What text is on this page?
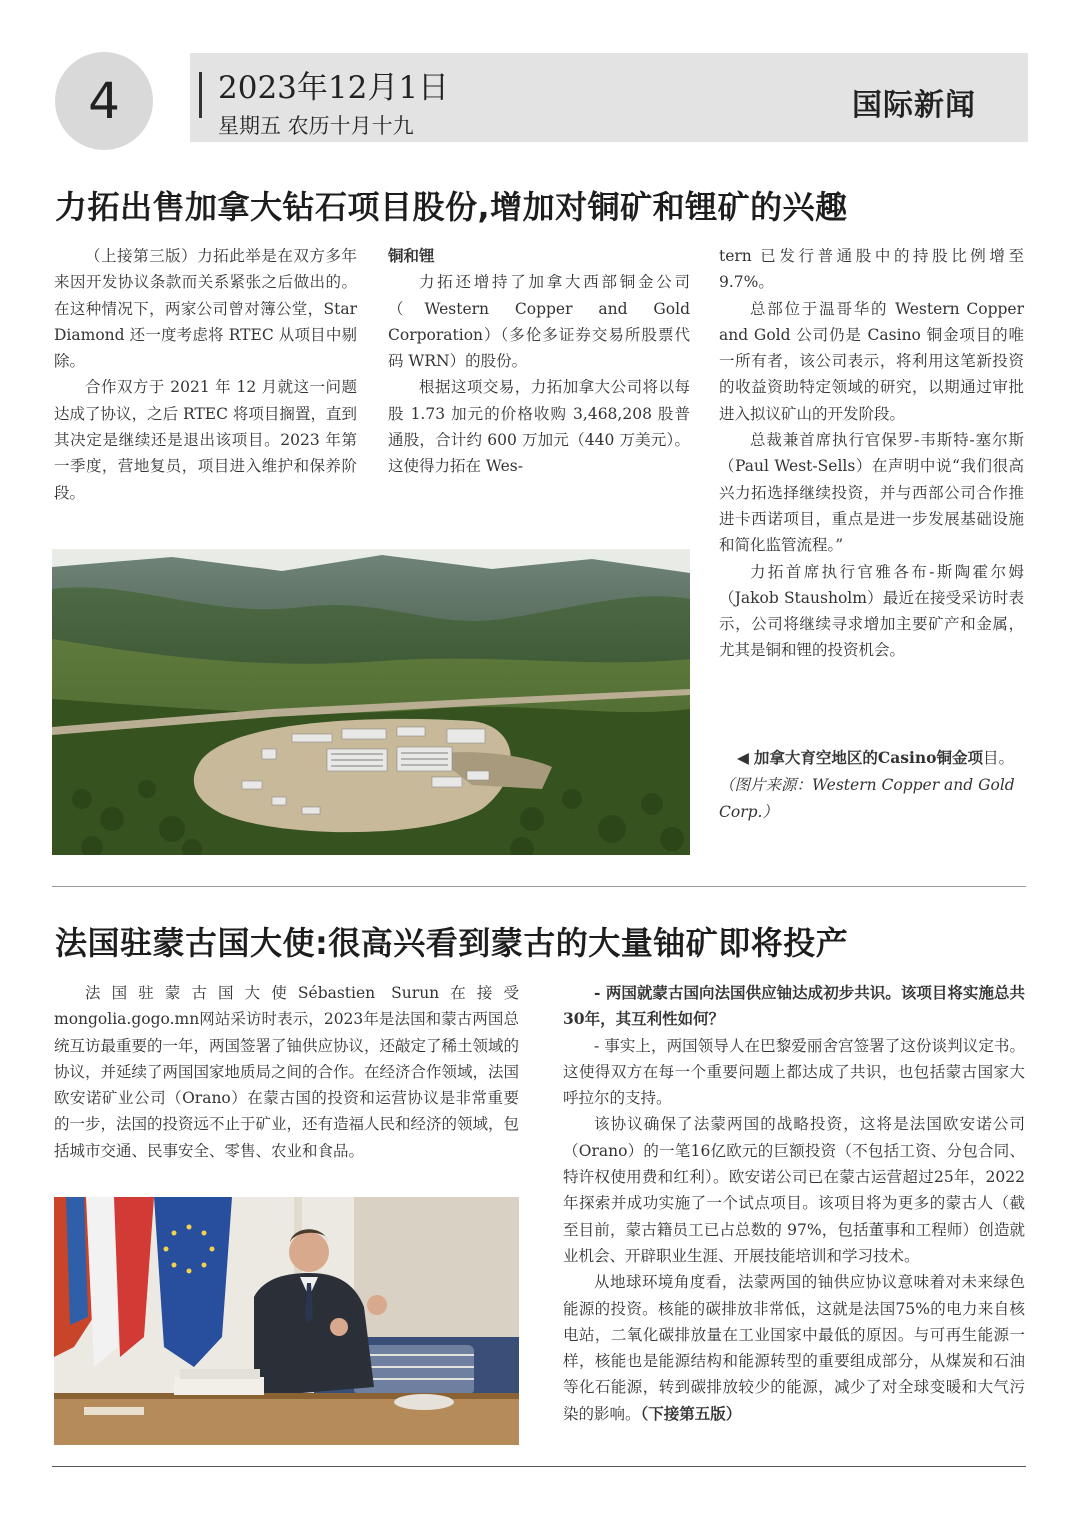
4	2023年12月1日
星期五 农历十月十九
国际新闻
力拓出售加拿大钻石项目股份,增加对铜矿和锂矿的兴趣

（上接第三版）力拓此举是在双方多年来因开发协议条款而关系紧张之后做出的。在这种情况下，两家公司曾对簿公堂，Star Diamond 还一度考虑将 RTEC 从项目中剔除。

合作双方于 2021 年 12 月就这一问题达成了协议，之后 RTEC 将项目搁置，直到其决定是继续还是退出该项目。2023 年第一季度，营地复员，项目进入维护和保养阶段。

铜和锂

力拓还增持了加拿大西部铜金公司（Western Copper and Gold Corporation）（多伦多证券交易所股票代码 WRN）的股份。

根据这项交易，力拓加拿大公司将以每股 1.73 加元的价格收购 3,468,208 股普通股，合计约 600 万加元（440 万美元）。这使得力拓在 Wes-

tern 已发行普通股中的持股比例增至 9.7%。

总部位于温哥华的 Western Copper and Gold 公司仍是 Casino 铜金项目的唯一所有者，该公司表示，将利用这笔新投资的收益资助特定领域的研究，以期通过审批进入拟议矿山的开发阶段。

总裁兼首席执行官保罗-韦斯特-塞尔斯（Paul West-Sells）在声明中说“我们很高兴力拓选择继续投资，并与西部公司合作推进卡西诺项目，重点是进一步发展基础设施和简化监管流程。”

力拓首席执行官雅各布-斯陶霍尔姆（Jakob Stausholm）最近在接受采访时表示，公司将继续寻求增加主要矿产和金属，尤其是铜和锂的投资机会。

◀ 加拿大育空地区的Casino铜金项目。（图片来源：Western Copper and Gold Corp.）
法国驻蒙古国大使:很高兴看到蒙古的大量铀矿即将投产

法国驻蒙古国大使Sébastien Surun在接受mongolia.gogo.mn网站采访时表示，2023年是法国和蒙古两国总统互访最重要的一年，两国签署了铀供应协议，还敲定了稀土领域的协议，并延续了两国国家地质局之间的合作。在经济合作领域，法国欧安诺矿业公司（Orano）在蒙古国的投资和运营协议是非常重要的一步，法国的投资远不止于矿业，还有造福人民和经济的领域，包括城市交通、民事安全、零售、农业和食品。

- 两国就蒙古国向法国供应铀达成初步共识。该项目将实施总共30年，其互利性如何？

- 事实上，两国领导人在巴黎爱丽舍宫签署了这份谈判议定书。这使得双方在每一个重要问题上都达成了共识，也包括蒙古国家大呼拉尔的支持。

该协议确保了法蒙两国的战略投资，这将是法国欧安诺公司（Orano）的一笔16亿欧元的巨额投资（不包括工资、分包合同、特许权使用费和红利）。欧安诺公司已在蒙古运营超过25年，2022年探索并成功实施了一个试点项目。该项目将为更多的蒙古人（截至目前，蒙古籍员工已占总数的 97%，包括董事和工程师）创造就业机会、开辟职业生涯、开展技能培训和学习技术。

从地球环境角度看，法蒙两国的铀供应协议意味着对未来绿色能源的投资。核能的碳排放非常低，这就是法国75%的电力来自核电站，二氧化碳排放量在工业国家中最低的原因。与可再生能源一样，核能也是能源结构和能源转型的重要组成部分，从煤炭和石油等化石能源，转到碳排放较少的能源，减少了对全球变暖和大气污染的影响。（下接第五版）
